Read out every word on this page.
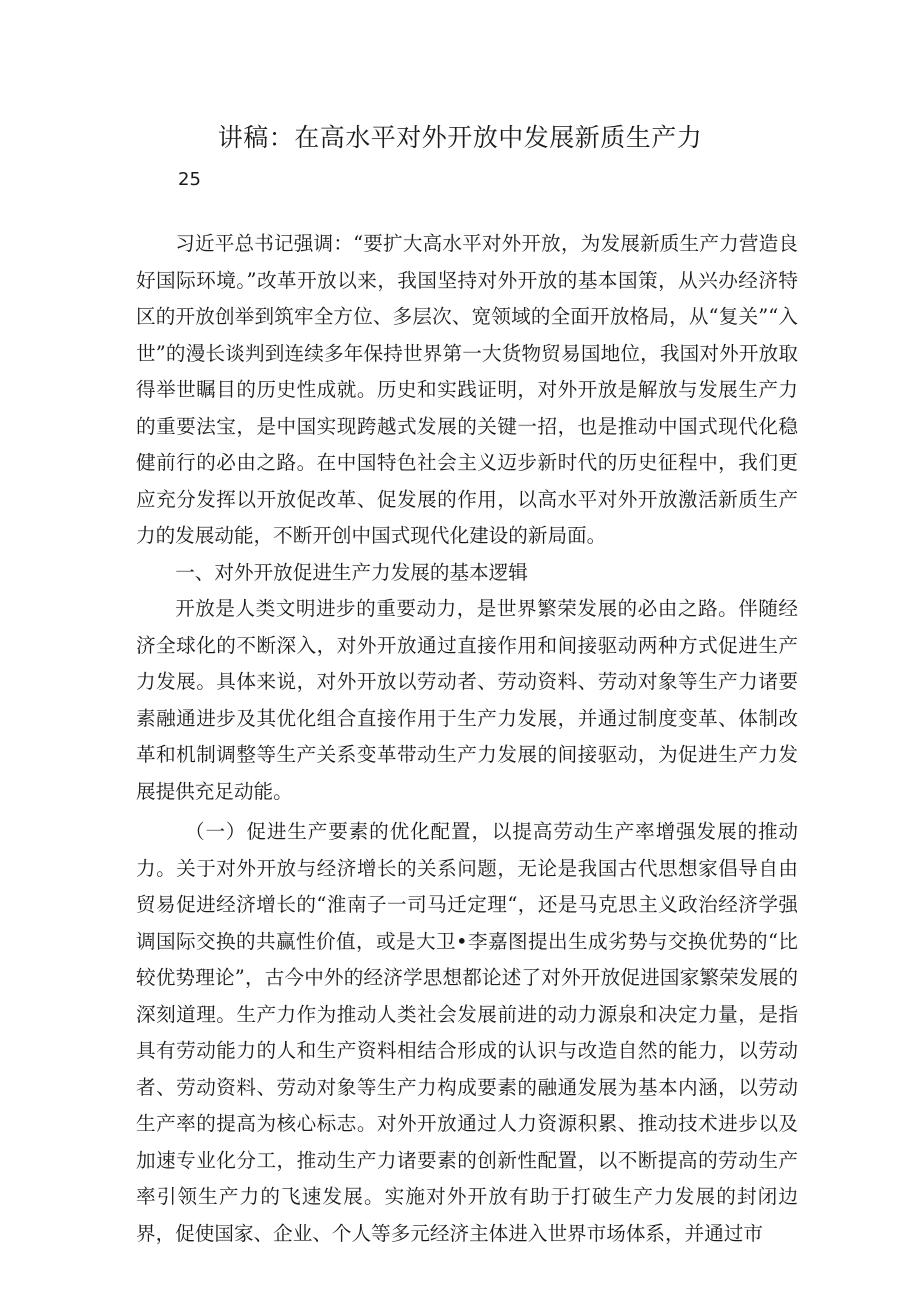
讲稿：在高水平对外开放中发展新质生产力
25

习近平总书记强调：“要扩大高水平对外开放，为发展新质生产力营造良好国际环境。”改革开放以来，我国坚持对外开放的基本国策，从兴办经济特区的开放创举到筑牢全方位、多层次、宽领域的全面开放格局，从“复关”“入世”的漫长谈判到连续多年保持世界第一大货物贸易国地位，我国对外开放取得举世瞩目的历史性成就。历史和实践证明，对外开放是解放与发展生产力的重要法宝，是中国实现跨越式发展的关键一招，也是推动中国式现代化稳健前行的必由之路。在中国特色社会主义迈步新时代的历史征程中，我们更应充分发挥以开放促改革、促发展的作用，以高水平对外开放激活新质生产力的发展动能，不断开创中国式现代化建设的新局面。

一、对外开放促进生产力发展的基本逻辑

开放是人类文明进步的重要动力，是世界繁荣发展的必由之路。伴随经济全球化的不断深入，对外开放通过直接作用和间接驱动两种方式促进生产力发展。具体来说，对外开放以劳动者、劳动资料、劳动对象等生产力诸要素融通进步及其优化组合直接作用于生产力发展，并通过制度变革、体制改革和机制调整等生产关系变革带动生产力发展的间接驱动，为促进生产力发展提供充足动能。

（一）促进生产要素的优化配置，以提高劳动生产率增强发展的推动力。关于对外开放与经济增长的关系问题，无论是我国古代思想家倡导自由贸易促进经济增长的“淮南子一司马迁定理“，还是马克思主义政治经济学强调国际交换的共赢性价值，或是大卫•李嘉图提出生成劣势与交换优势的“比较优势理论”，古今中外的经济学思想都论述了对外开放促进国家繁荣发展的深刻道理。生产力作为推动人类社会发展前进的动力源泉和决定力量，是指具有劳动能力的人和生产资料相结合形成的认识与改造自然的能力，以劳动者、劳动资料、劳动对象等生产力构成要素的融通发展为基本内涵，以劳动生产率的提高为核心标志。对外开放通过人力资源积累、推动技术进步以及加速专业化分工，推动生产力诸要素的创新性配置，以不断提高的劳动生产率引领生产力的飞速发展。实施对外开放有助于打破生产力发展的封闭边界，促使国家、企业、个人等多元经济主体进入世界市场体系，并通过市
